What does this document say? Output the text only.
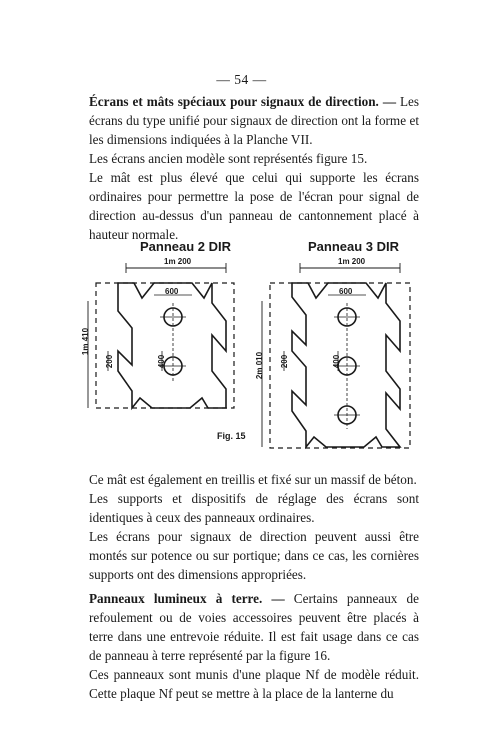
— 54 —

Écrans et mâts spéciaux pour signaux de direction. — Les écrans du type unifié pour signaux de direction ont la forme et les dimensions indiquées à la Planche VII.

Les écrans ancien modèle sont représentés figure 15.

Le mât est plus élevé que celui qui supporte les écrans ordinaires pour permettre la pose de l'écran pour signal de direction au-dessus d'un panneau de cantonnement placé à hauteur normale.

Panneau 2 DIR	Panneau 3 DIR
1m 200	1m 200
600	600
1m 410
2m 010
200	200
400	400
Fig. 15

Ce mât est également en treillis et fixé sur un massif de béton.

Les supports et dispositifs de réglage des écrans sont identiques à ceux des panneaux ordinaires.

Les écrans pour signaux de direction peuvent aussi être montés sur potence ou sur portique; dans ce cas, les cornières supports ont des dimensions appropriées.

Panneaux lumineux à terre. — Certains panneaux de refoulement ou de voies accessoires peuvent être placés à terre dans une entrevoie réduite. Il est fait usage dans ce cas de panneau à terre représenté par la figure 16.

Ces panneaux sont munis d'une plaque Nf de modèle réduit. Cette plaque Nf peut se mettre à la place de la lanterne du
